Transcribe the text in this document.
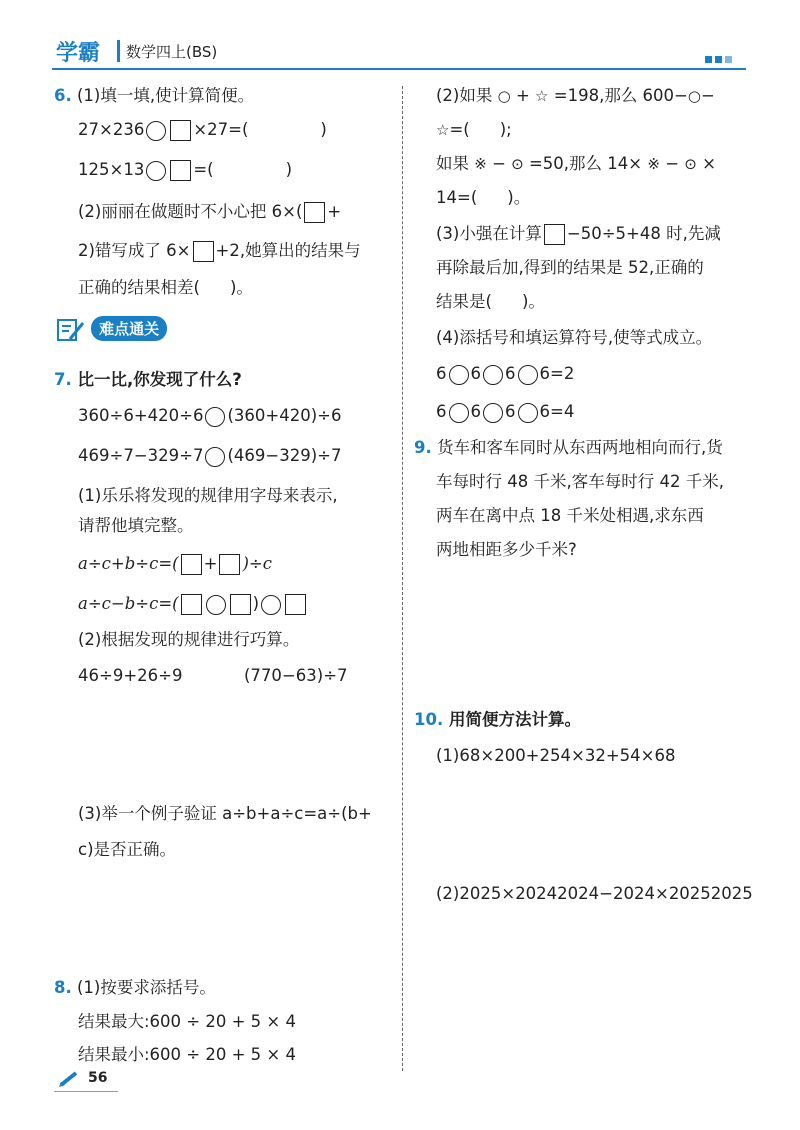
学霸 数学四上(BS)
6. (1)填一填,使计算简便。
27×236	×27=(	)
125×13	=(	)
(2)丽丽在做题时不小心把 6×( +
2)错写成了 6× +2,她算出的结果与
正确的结果相差( )。
难点通关
7. 比一比,你发现了什么?
360÷6+420÷6 (360+420)÷6
469÷7−329÷7 (469−329)÷7
(1)乐乐将发现的规律用字母来表示,
请帮他填完整。
a÷c+b÷c=( + )÷c
a÷c−b÷c=(	)
(2)根据发现的规律进行巧算。
46÷9+26÷9	(770−63)÷7
(3)举一个例子验证 a÷b+a÷c=a÷(b+
c)是否正确。
8. (1)按要求添括号。
结果最大:600 ÷ 20 + 5 × 4
结果最小:600 ÷ 20 + 5 × 4
56
(2)如果 ○ + ☆ =198,那么 600−○−
☆=( );
如果 ※ − ⊙ =50,那么 14× ※ − ⊙ ×
14=( )。
(3)小强在计算 −50÷5+48 时,先减
再除最后加,得到的结果是 52,正确的
结果是( )。
(4)添括号和填运算符号,使等式成立。
6 6 6 6=2
6 6 6 6=4
9. 货车和客车同时从东西两地相向而行,货
车每时行 48 千米,客车每时行 42 千米,
两车在离中点 18 千米处相遇,求东西
两地相距多少千米?
10. 用简便方法计算。
(1)68×200+254×32+54×68
(2)2025×20242024−2024×20252025
